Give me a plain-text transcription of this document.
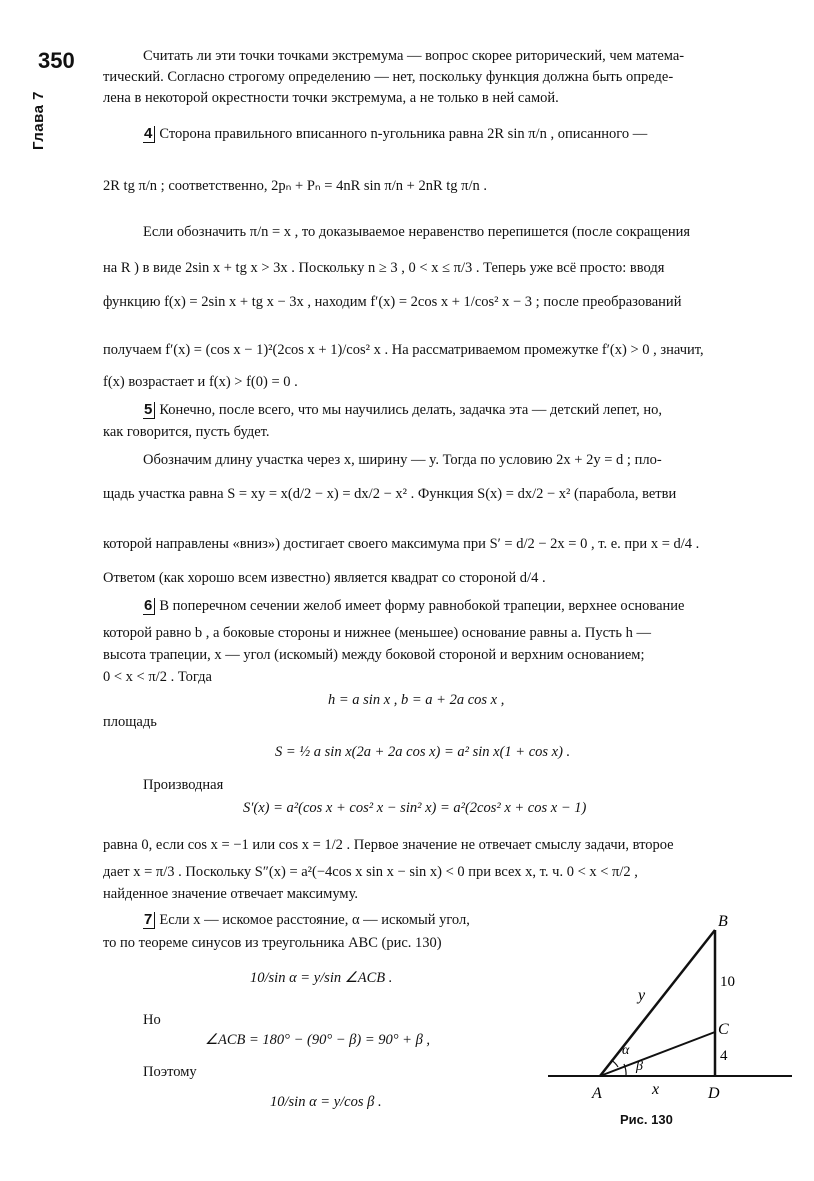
350
Глава 7
Считать ли эти точки точками экстремума — вопрос скорее риторический, чем матема-
тический. Согласно строгому определению — нет, поскольку функция должна быть опреде-
лена в некоторой окрестности точки экстремума, а не только в ней самой.
4 Сторона правильного вписанного n-угольника равна 2R sin π/n , описанного —
2R tg π/n ; соответственно, 2pₙ + Pₙ = 4nR sin π/n + 2nR tg π/n .
Если обозначить π/n = x , то доказываемое неравенство перепишется (после сокращения
на R ) в виде 2sin x + tg x > 3x . Поскольку n ≥ 3 , 0 < x ≤ π/3 . Теперь уже всё просто: вводя
функцию f(x) = 2sin x + tg x − 3x , находим f′(x) = 2cos x + 1/cos² x − 3 ; после преобразований
получаем f′(x) = (cos x − 1)²(2cos x + 1)/cos² x . На рассматриваемом промежутке f′(x) > 0 , значит,
f(x) возрастает и f(x) > f(0) = 0 .
5 Конечно, после всего, что мы научились делать, задачка эта — детский лепет, но,
как говорится, пусть будет.
Обозначим длину участка через x, ширину — y. Тогда по условию 2x + 2y = d ; пло-
щадь участка равна S = xy = x(d/2 − x) = dx/2 − x² . Функция S(x) = dx/2 − x² (парабола, ветви
которой направлены «вниз») достигает своего максимума при S′ = d/2 − 2x = 0 , т. е. при x = d/4 .
Ответом (как хорошо всем известно) является квадрат со стороной d/4 .
6 В поперечном сечении желоб имеет форму равнобокой трапеции, верхнее основание
которой равно b , а боковые стороны и нижнее (меньшее) основание равны a. Пусть h —
высота трапеции, x — угол (искомый) между боковой стороной и верхним основанием;
0 < x < π/2 . Тогда
h = a sin x , b = a + 2a cos x ,
площадь
S = ½ a sin x(2a + 2a cos x) = a² sin x(1 + cos x) .
Производная
S′(x) = a²(cos x + cos² x − sin² x) = a²(2cos² x + cos x − 1)
равна 0, если cos x = −1 или cos x = 1/2 . Первое значение не отвечает смыслу задачи, второе
дает x = π/3 . Поскольку S″(x) = a²(−4cos x sin x − sin x) < 0 при всех x, т. ч. 0 < x < π/2 ,
найденное значение отвечает максимуму.
7 Если x — искомое расстояние, α — искомый угол,
то по теореме синусов из треугольника ABC (рис. 130)
10/sin α = y/sin ∠ACB .
Но
∠ACB = 180° − (90° − β) = 90° + β ,
Поэтому
10/sin α = y/cos β .	A
B
C
D
y
x
10
4
α
β
Рис. 130
